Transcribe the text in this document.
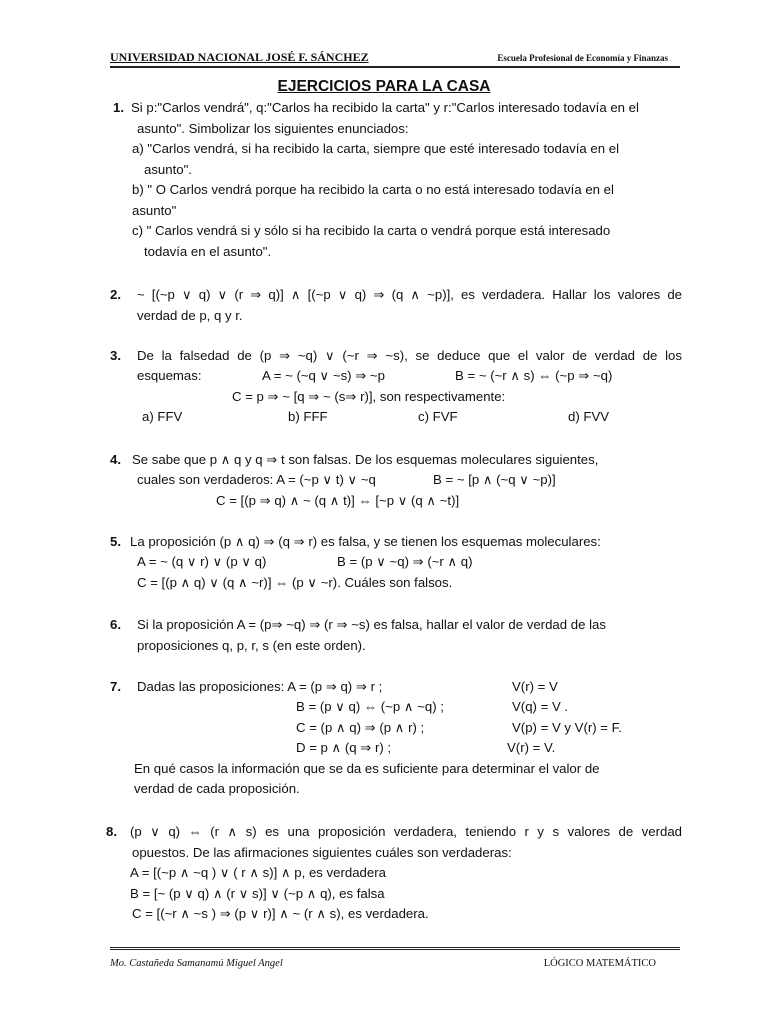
UNIVERSIDAD NACIONAL JOSÉ F. SÁNCHEZ	Escuela Profesional de Economía y Finanzas
EJERCICIOS PARA LA CASA
1. Si p:"Carlos vendrá", q:"Carlos ha recibido la carta" y r:"Carlos interesado todavía en el
asunto". Simbolizar los siguientes enunciados:
a) "Carlos vendrá, si ha recibido la carta, siempre que esté interesado todavía en el
asunto".
b) " O Carlos vendrá porque ha recibido la carta o no está interesado todavía en el
asunto"
c) " Carlos vendrá si y sólo si ha recibido la carta o vendrá porque está interesado
todavía en el asunto".
2.	~ [(~p ∨ q) ∨ (r ⇒ q)] ∧ [(~p ∨ q) ⇒ (q ∧ ~p)], es verdadera. Hallar los valores de
verdad de p, q y r.
3.	De la falsedad de (p ⇒ ~q) ∨ (~r ⇒ ~s), se deduce que el valor de verdad de los
esquemas:	A = ~ (~q ∨ ~s) ⇒ ~p	B = ~ (~r ∧ s) ⇔ (~p ⇒ ~q)
C = p ⇒ ~ [q ⇒ ~ (s⇒ r)], son respectivamente:
a) FFV	b) FFF	c) FVF	d) FVV
4. Se sabe que p ∧ q y q ⇒ t son falsas. De los esquemas moleculares siguientes,
cuales son verdaderos: A = (~p ∨ t) ∨ ~q	B = ~ [p ∧ (~q ∨ ~p)]
C = [(p ⇒ q) ∧ ~ (q ∧ t)] ⇔ [~p ∨ (q ∧ ~t)]
5. La proposición (p ∧ q) ⇒ (q ⇒ r) es falsa, y se tienen los esquemas moleculares:
A = ~ (q ∨ r) ∨ (p ∨ q)	B = (p ∨ ~q) ⇒ (~r ∧ q)
C = [(p ∧ q) ∨ (q ∧ ~r)] ⇔ (p ∨ ~r). Cuáles son falsos.
6.	Si la proposición A = (p⇒ ~q) ⇒ (r ⇒ ~s) es falsa, hallar el valor de verdad de las
proposiciones q, p, r, s (en este orden).
7. Dadas las proposiciones: A = (p ⇒ q) ⇒ r ;	V(r) = V
B = (p ∨ q) ⇔ (~p ∧ ~q) ;	V(q) = V .
C = (p ∧ q) ⇒ (p ∧ r) ;	V(p) = V y V(r) = F.
D = p ∧ (q ⇒ r) ;	V(r) = V.
En qué casos la información que se da es suficiente para determinar el valor de
verdad de cada proposición.
8. (p ∨ q) ⇔ (r ∧ s) es una proposición verdadera, teniendo r y s valores de verdad
opuestos. De las afirmaciones siguientes cuáles son verdaderas:
A = [(~p ∧ ~q ) ∨ ( r ∧ s)] ∧ p, es verdadera
B = [~ (p ∨ q) ∧ (r ∨ s)] ∨ (~p ∧ q), es falsa
C = [(~r ∧ ~s ) ⇒ (p ∨ r)] ∧ ~ (r ∧ s), es verdadera.
Mo. Castañeda Samanamú Miguel Angel	LÓGICO MATEMÁTICO
